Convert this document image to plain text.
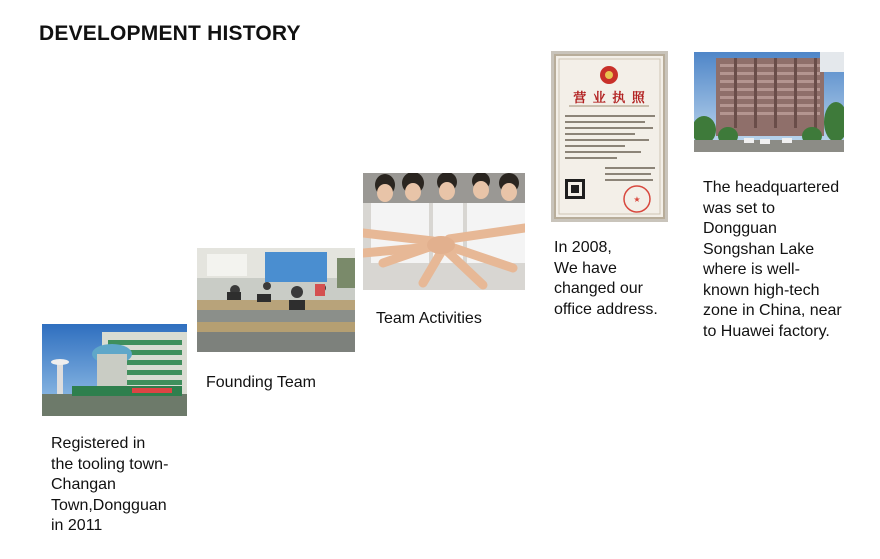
DEVELOPMENT HISTORY
Registered in
the tooling town-
Changan
Town,Dongguan
in 2011
Founding Team
Team Activities
★
营 业 执 照
In 2008,
We have
changed our
office address.
The headquartered
was set to
Dongguan
Songshan Lake
where is well-
known high-tech
zone in China, near
to Huawei factory.
